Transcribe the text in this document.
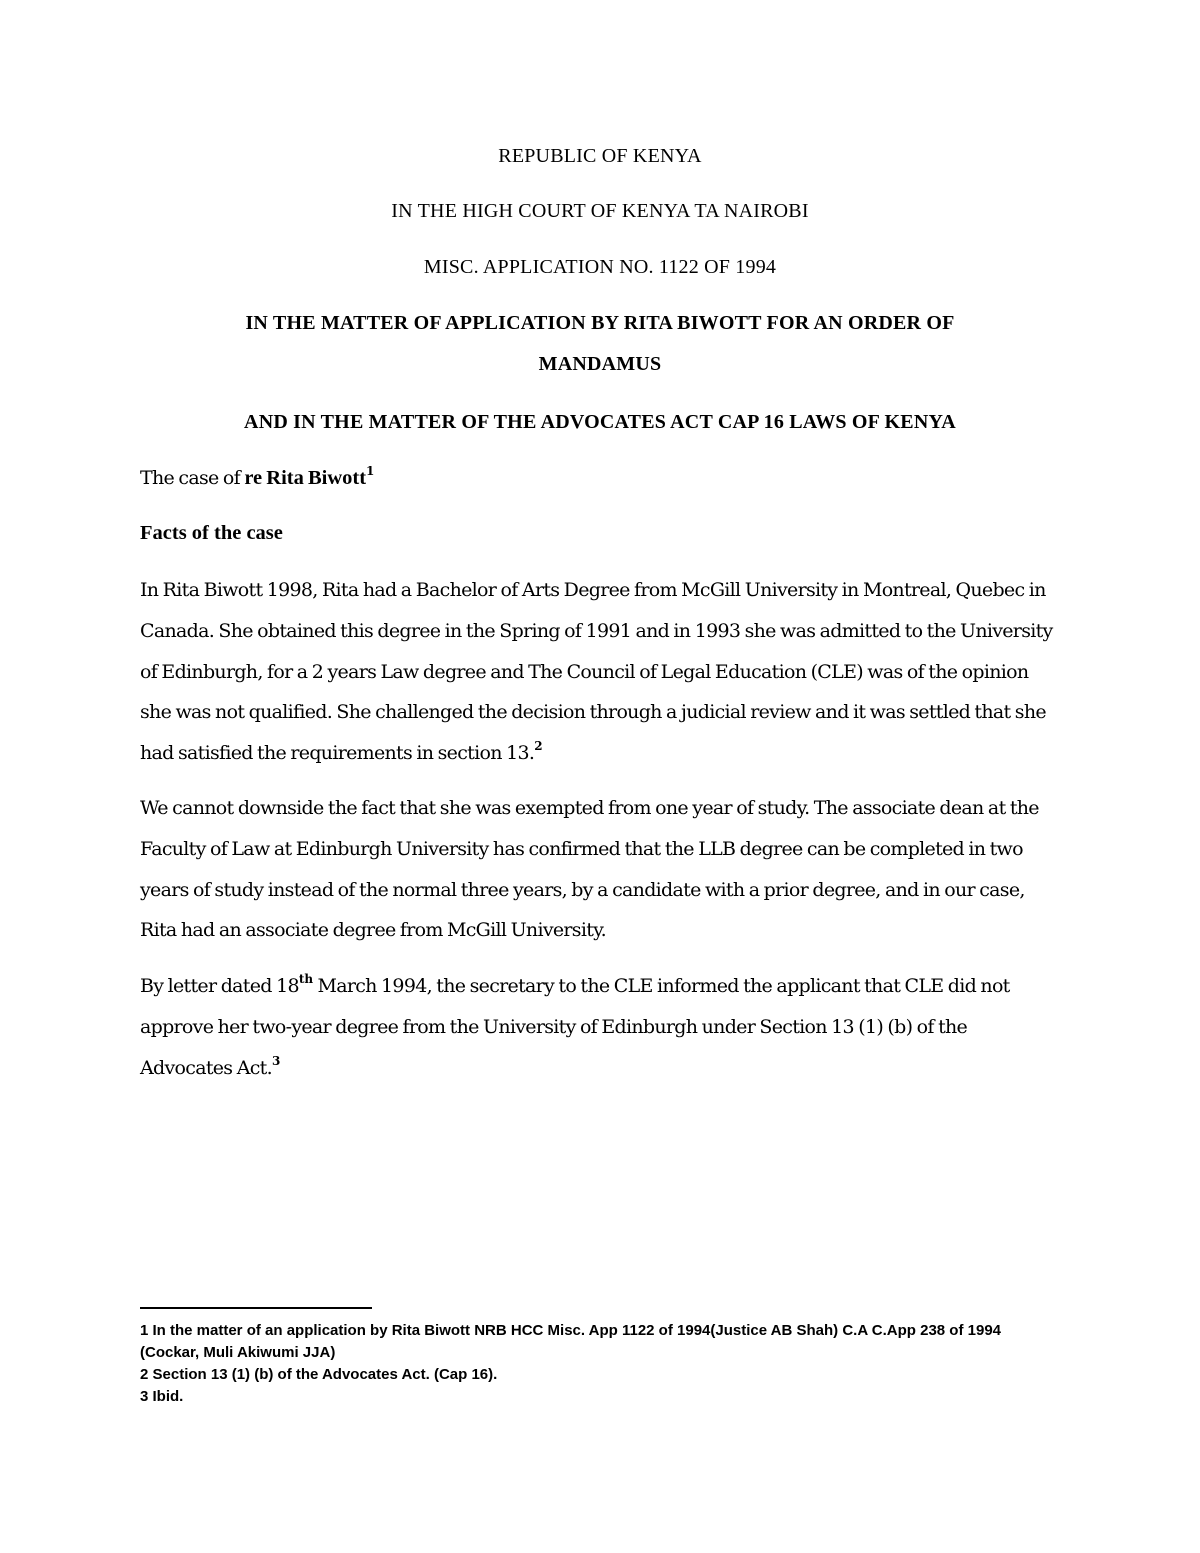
REPUBLIC OF KENYA
IN THE HIGH COURT OF KENYA TA NAIROBI
MISC. APPLICATION NO. 1122 OF 1994
IN THE MATTER OF APPLICATION BY RITA BIWOTT FOR AN ORDER OF
MANDAMUS
AND IN THE MATTER OF THE ADVOCATES ACT CAP 16 LAWS OF KENYA
The case of re Rita Biwott$^1$
Facts of the case
In Rita Biwott 1998, Rita had a Bachelor of Arts Degree from McGill University in Montreal, Quebec in Canada. She obtained this degree in the Spring of 1991 and in 1993 she was admitted to the University of Edinburgh, for a 2 years Law degree and The Council of Legal Education (CLE) was of the opinion she was not qualified. She challenged the decision through a judicial review and it was settled that she had satisfied the requirements in section 13.$^2$
We cannot downside the fact that she was exempted from one year of study. The associate dean at the Faculty of Law at Edinburgh University has confirmed that the LLB degree can be completed in two years of study instead of the normal three years, by a candidate with a prior degree, and in our case, Rita had an associate degree from McGill University.
By letter dated 18th March 1994, the secretary to the CLE informed the applicant that CLE did not approve her two-year degree from the University of Edinburgh under Section 13 (1) (b) of the Advocates Act.$^3$

1 In the matter of an application by Rita Biwott NRB HCC Misc. App 1122 of 1994(Justice AB Shah) C.A C.App 238 of 1994 (Cockar, Muli Akiwumi JJA)

2 Section 13 (1) (b) of the Advocates Act. (Cap 16).

3 Ibid.
